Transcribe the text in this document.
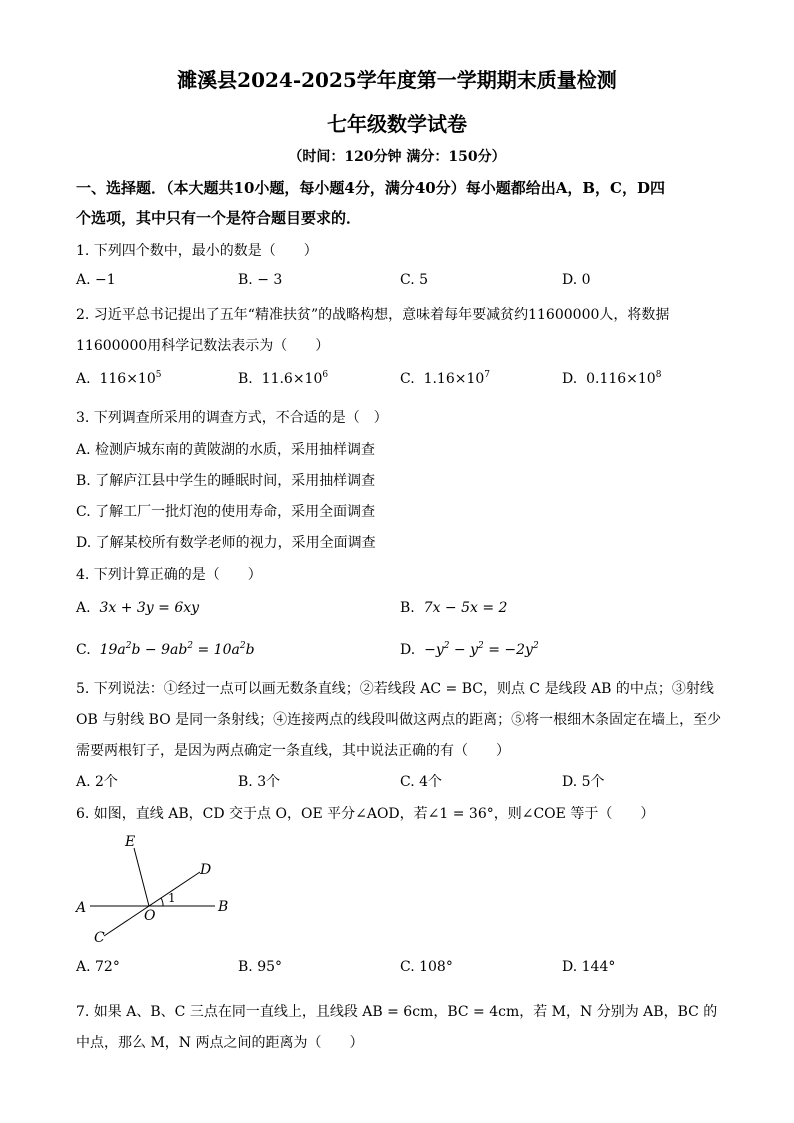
濉溪县2024-2025学年度第一学期期末质量检测
七年级数学试卷
（时间：120分钟 满分：150分）
一、选择题．（本大题共10小题，每小题4分，满分40分）每小题都给出A，B，C，D四
个选项，其中只有一个是符合题目要求的．
1. 下列四个数中，最小的数是（　　）
A. −1	B. − 3	C. 5	D. 0
2. 习近平总书记提出了五年“精准扶贫”的战略构想，意味着每年要减贫约11600000人，将数据
11600000用科学记数法表示为（　　）
A. $116\times 10^5$	B. $11.6\times 10^6$	C. $1.16\times 10^7$	D. $0.116\times 10^8$
3. 下列调查所采用的调查方式，不合适的是（　）
A. 检测庐城东南的黄陂湖的水质，采用抽样调查
B. 了解庐江县中学生的睡眠时间，采用抽样调查
C. 了解工厂一批灯泡的使用寿命，采用全面调查
D. 了解某校所有数学老师的视力，采用全面调查
4. 下列计算正确的是（　　）
A. 3x + 3y = 6xy	B. 7x − 5x = 2
C. $19a^2b - 9ab^2 = 10a^2b$	D. $-y^2 - y^2 = -2y^2$
5. 下列说法：①经过一点可以画无数条直线；②若线段 AC = BC，则点 C 是线段 AB 的中点；③射线
OB 与射线 BO 是同一条射线；④连接两点的线段叫做这两点的距离；⑤将一根细木条固定在墙上，至少
需要两根钉子，是因为两点确定一条直线，其中说法正确的有（　　）
A. 2个	B. 3个	C. 4个	D. 5个
6. 如图，直线 AB，CD 交于点 O，OE 平分∠AOD，若∠1 = 36°，则∠COE 等于（　　）
E
D
A	B
C
O
1
A. 72°	B. 95°	C. 108°	D. 144°
7. 如果 A、B、C 三点在同一直线上，且线段 AB = 6cm，BC = 4cm，若 M，N 分别为 AB，BC 的
中点，那么 M，N 两点之间的距离为（　　）
